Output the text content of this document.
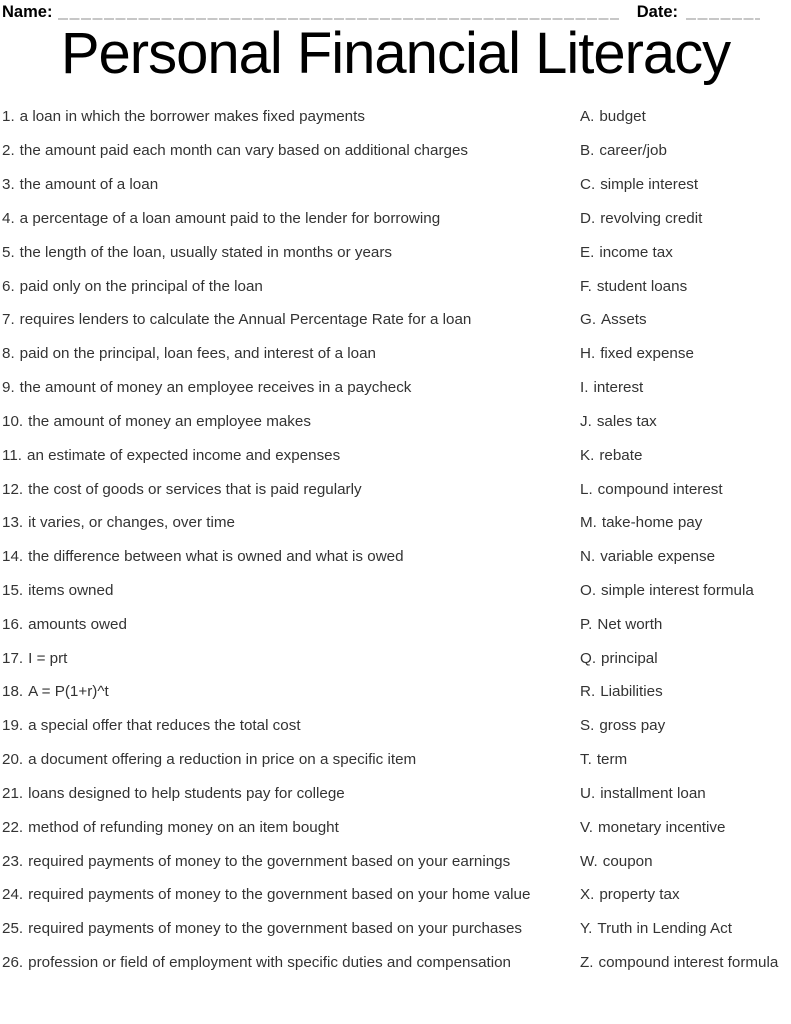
Name:	Date:
Personal Financial Literacy
1. a loan in which the borrower makes fixed payments	A. budget
2. the amount paid each month can vary based on additional charges	B. career/job
3. the amount of a loan	C. simple interest
4. a percentage of a loan amount paid to the lender for borrowing	D. revolving credit
5. the length of the loan, usually stated in months or years	E. income tax
6. paid only on the principal of the loan	F. student loans
7. requires lenders to calculate the Annual Percentage Rate for a loan	G. Assets
8. paid on the principal, loan fees, and interest of a loan	H. fixed expense
9. the amount of money an employee receives in a paycheck	I. interest
10. the amount of money an employee makes	J. sales tax
11. an estimate of expected income and expenses	K. rebate
12. the cost of goods or services that is paid regularly	L. compound interest
13. it varies, or changes, over time	M. take-home pay
14. the difference between what is owned and what is owed	N. variable expense
15. items owned	O. simple interest formula
16. amounts owed	P. Net worth
17. I = prt	Q. principal
18. A = P(1+r)^t	R. Liabilities
19. a special offer that reduces the total cost	S. gross pay
20. a document offering a reduction in price on a specific item	T. term
21. loans designed to help students pay for college	U. installment loan
22. method of refunding money on an item bought	V. monetary incentive
23. required payments of money to the government based on your earnings	W. coupon
24. required payments of money to the government based on your home value	X. property tax
25. required payments of money to the government based on your purchases	Y. Truth in Lending Act
26. profession or field of employment with specific duties and compensation	Z. compound interest formula
